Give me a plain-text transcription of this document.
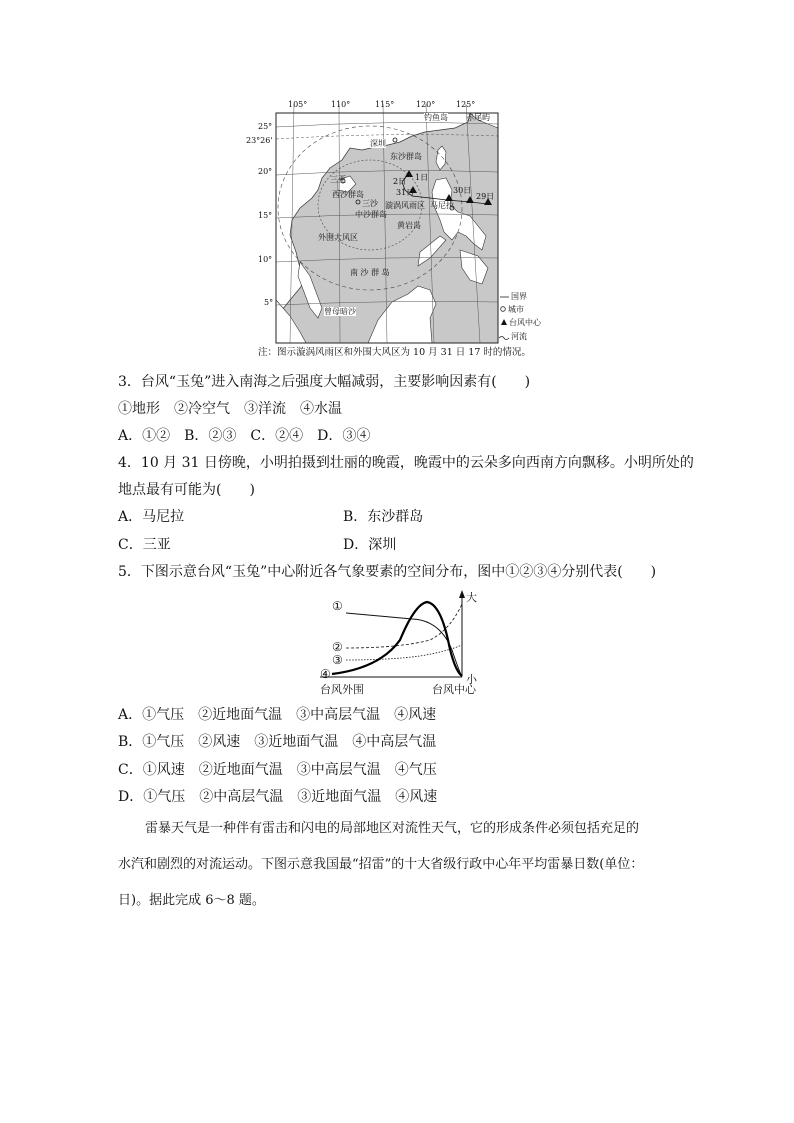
105°	110°	115°	120°	125°
25°
23°26'
20°
15°
10°
5°
钓鱼岛 赤尾屿
深圳
东沙群岛
三亚
西沙群岛
三沙
中沙群岛
黄岩岛
漩涡风雨区 马尼拉
外围大风区
南 沙 群 岛
曾母暗沙
1日
2日
31日	30日
29日
国界
城市
台风中心
河流
注：图示漩涡风雨区和外围大风区为 10 月 31 日 17 时的情况。
3．台风“玉兔”进入南海之后强度大幅减弱，主要影响因素有(　　)
①地形　②冷空气　③洋流　④水温
A．①②　B．②③　C．②④　D．③④
4．10 月 31 日傍晚，小明拍摄到壮丽的晚霞，晚霞中的云朵多向西南方向飘移。小明所处的
地点最有可能为(　　)
A．马尼拉	B．东沙群岛
C．三亚	D．深圳
5．下图示意台风“玉兔”中心附近各气象要素的空间分布，图中①②③④分别代表(　　)
①
②
③
④
大
小
台风外围	台风中心
A．①气压　②近地面气温　③中高层气温　④风速
B．①气压　②风速　③近地面气温　④中高层气温
C．①风速　②近地面气温　③中高层气温　④气压
D．①气压　②中高层气温　③近地面气温　④风速
雷暴天气是一种伴有雷击和闪电的局部地区对流性天气，它的形成条件必须包括充足的
水汽和剧烈的对流运动。下图示意我国最“招雷”的十大省级行政中心年平均雷暴日数(单位：
日)。据此完成 6～8 题。
